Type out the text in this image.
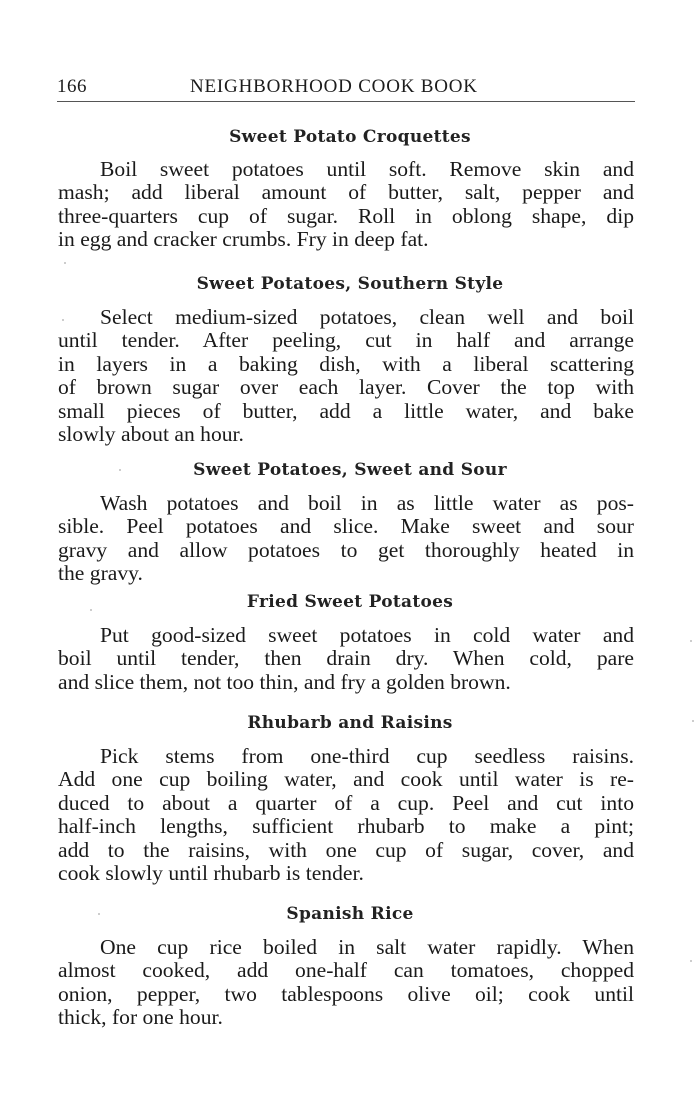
166	NEIGHBORHOOD COOK BOOK
Sweet Potato Croquettes
Boil sweet potatoes until soft. Remove skin and
mash; add liberal amount of butter, salt, pepper and
three-quarters cup of sugar. Roll in oblong shape, dip
in egg and cracker crumbs. Fry in deep fat.
Sweet Potatoes, Southern Style
Select medium-sized potatoes, clean well and boil
until tender. After peeling, cut in half and arrange
in layers in a baking dish, with a liberal scattering
of brown sugar over each layer. Cover the top with
small pieces of butter, add a little water, and bake
slowly about an hour.
Sweet Potatoes, Sweet and Sour
Wash potatoes and boil in as little water as pos-
sible. Peel potatoes and slice. Make sweet and sour
gravy and allow potatoes to get thoroughly heated in
the gravy.
Fried Sweet Potatoes
Put good-sized sweet potatoes in cold water and
boil until tender, then drain dry. When cold, pare
and slice them, not too thin, and fry a golden brown.
Rhubarb and Raisins
Pick stems from one-third cup seedless raisins.
Add one cup boiling water, and cook until water is re-
duced to about a quarter of a cup. Peel and cut into
half-inch lengths, sufficient rhubarb to make a pint;
add to the raisins, with one cup of sugar, cover, and
cook slowly until rhubarb is tender.
Spanish Rice
One cup rice boiled in salt water rapidly. When
almost cooked, add one-half can tomatoes, chopped
onion, pepper, two tablespoons olive oil; cook until
thick, for one hour.
